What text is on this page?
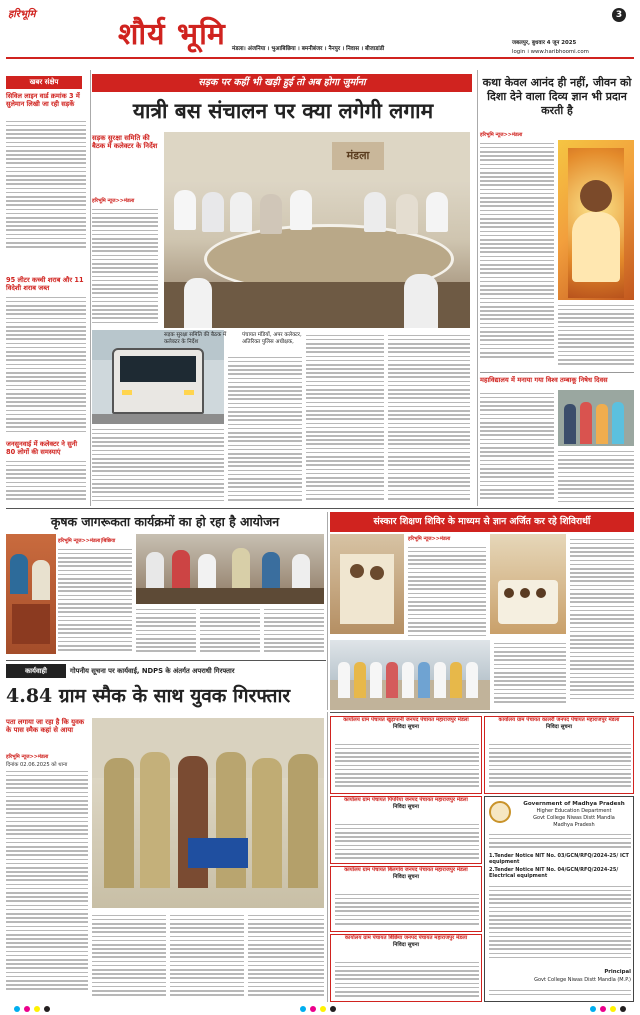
हरिभूमि
शौर्य भूमि
3
मंडला। अंजनिया । भुआबिछिया । बमनीबंजर । नैनपुर । निवास । बीजाडांडी
जबलपुर, बुधवार 4 जून 2025
login । www.haribhoomi.com
खबर संक्षेप
सिविल लाइन वार्ड क्रमांक 3 में सुलेमान लिखी जा रही सड़कें
95 लीटर कच्ची शराब और 11 विदेशी शराब जब्त
जनसुनवाई में कलेक्टर ने सुनी 80 लोगों की समस्याएं
सड़क पर कहीं भी खड़ी हुई तो अब होगा जुर्माना
यात्री बस संचालन पर क्या लगेगी लगाम
सड़क सुरक्षा समिति की बैठक में कलेक्टर के निर्देश
हरिभूमि न्यूज>>मंडला
मंडला
सड़क सुरक्षा समिति की बैठक में कलेक्टर के निर्देश
पंचायत मंडियों, अपर कलेक्टर, अतिरिक्त पुलिस अधीक्षक,
कथा केवल आनंद ही नहीं, जीवन को दिशा देने वाला दिव्य ज्ञान भी प्रदान करती है
हरिभूमि न्यूज>>मंडला
महाविद्यालय में मनाया गया विश्व तम्बाकू निषेध दिवस
कृषक जागरूकता कार्यक्रमों का हो रहा है आयोजन
हरिभूमि न्यूज>>मंडला|बिछिया
संस्कार शिक्षण शिविर के माध्यम से ज्ञान अर्जित कर रहे शिविरार्थी
हरिभूमि न्यूज>>मंडला
कार्यवाही	गोपनीय सूचना पर कार्यवाई, NDPS के अंतर्गत अपराधी गिरफ्तार
4.84 ग्राम स्मैक के साथ युवक गिरफ्तार
पता लगाया जा रहा है कि युवक के पास स्मैक कहां से आया
हरिभूमि न्यूज>>मंडला
दिनांक 02.06.2025 को थाना
कार्यालय ग्राम पंचायत खुड़ापानी जनपद पंचायत महाराजपुर मंडला
निविदा सूचना
कार्यालय ग्राम पंचायत कालरी जनपद पंचायत महाराजपुर मंडला
निविदा सूचना
कार्यालय ग्राम पंचायत पिपरिया जनपद पंचायत महाराजपुर मंडला
निविदा सूचना
कार्यालय ग्राम पंचायत बिलगांव जनपद पंचायत महाराजपुर मंडला
निविदा सूचना
कार्यालय ग्राम पंचायत बिछिया जनपद पंचायत महाराजपुर मंडला
निविदा सूचना
Government of Madhya Pradesh
Higher Education Department
Govt College Niwas Distt Mandla
Madhya Pradesh
1.Tender Notice NIT No. 03/GCN/RFQ/2024-25/ ICT equipment
2.Tender Notice NIT No. 04/GCN/RFQ/2024-25/ Electrical equipment
Principal
Govt College Niwas Distt Mandla (M.P.)
